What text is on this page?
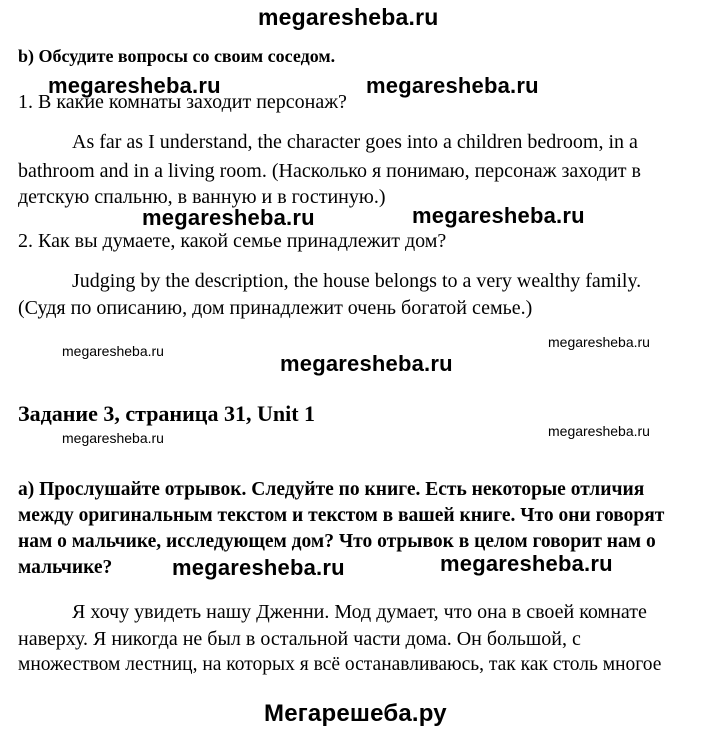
megaresheba.ru
b) Обсудите вопросы со своим соседом.
megaresheba.ru	megaresheba.ru
1. В какие комнаты заходит персонаж?
As far as I understand, the character goes into a children bedroom, in a
bathroom and in a living room. (Насколько я понимаю, персонаж заходит в
детскую спальню, в ванную и в гостиную.)
megaresheba.ru	megaresheba.ru
2. Как вы думаете, какой семье принадлежит дом?
Judging by the description, the house belongs to a very wealthy family.
(Судя по описанию, дом принадлежит очень богатой семье.)
megaresheba.ru	megaresheba.ru
megaresheba.ru
Задание 3, страница 31, Unit 1
megaresheba.ru	megaresheba.ru
а) Прослушайте отрывок. Следуйте по книге. Есть некоторые отличия
между оригинальным текстом и текстом в вашей книге. Что они говорят
нам о мальчике, исследующем дом? Что отрывок в целом говорит нам о
мальчике?	megaresheba.ru	megaresheba.ru
Я хочу увидеть нашу Дженни. Мод думает, что она в своей комнате
наверху. Я никогда не был в остальной части дома. Он большой, с
множеством лестниц, на которых я всё останавливаюсь, так как столь многое
Мегарешеба.ру
